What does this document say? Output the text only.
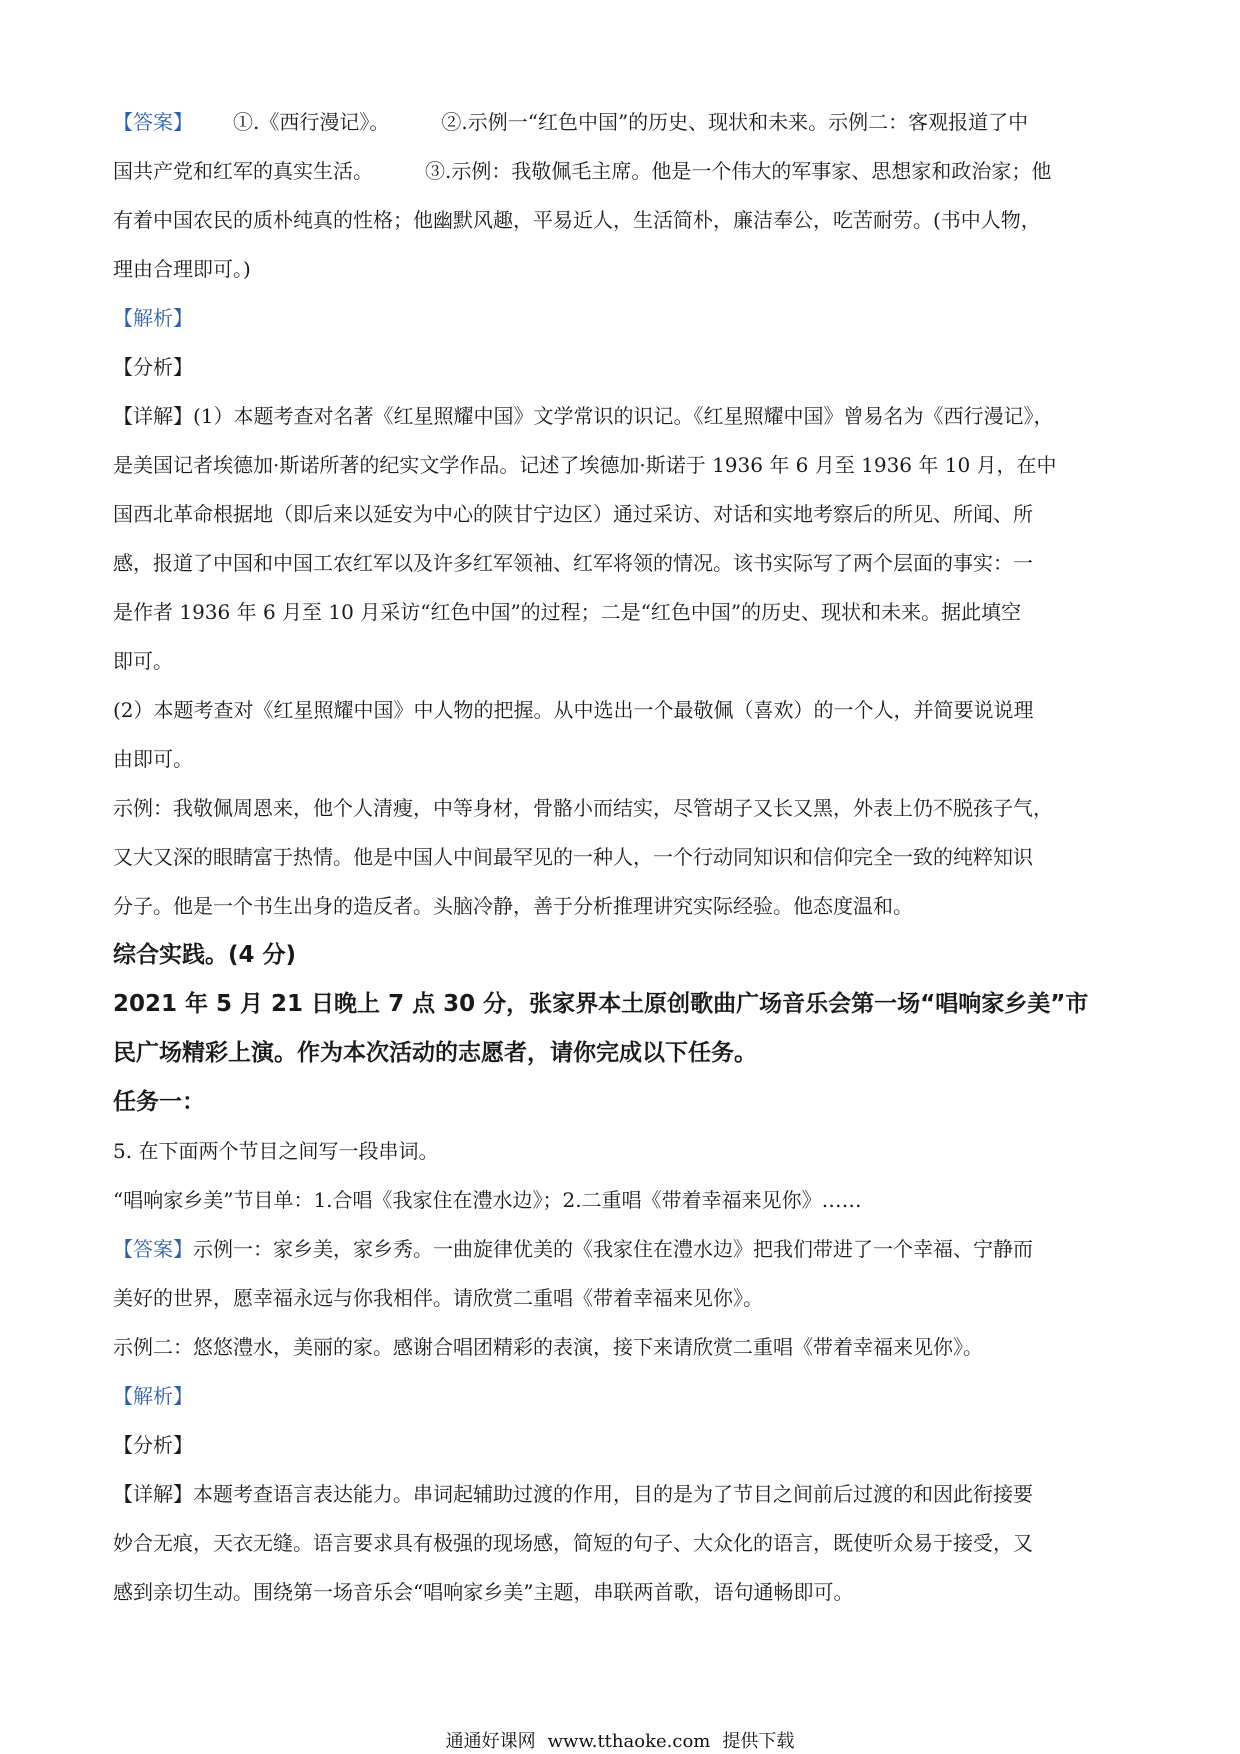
【答案】 ①.《西行漫记》。	②.示例一“红色中国”的历史、现状和未来。示例二：客观报道了中
国共产党和红军的真实生活。	③.示例：我敬佩毛主席。他是一个伟大的军事家、思想家和政治家；他
有着中国农民的质朴纯真的性格；他幽默风趣，平易近人，生活简朴，廉洁奉公，吃苦耐劳。(书中人物，
理由合理即可。)
【解析】
【分析】
【详解】(1）本题考查对名著《红星照耀中国》文学常识的识记。《红星照耀中国》曾易名为《西行漫记》，
是美国记者埃德加·斯诺所著的纪实文学作品。记述了埃德加·斯诺于 1936 年 6 月至 1936 年 10 月，在中
国西北革命根据地（即后来以延安为中心的陕甘宁边区）通过采访、对话和实地考察后的所见、所闻、所
感，报道了中国和中国工农红军以及许多红军领袖、红军将领的情况。该书实际写了两个层面的事实：一
是作者 1936 年 6 月至 10 月采访“红色中国”的过程；二是“红色中国”的历史、现状和未来。据此填空
即可。
(2）本题考查对《红星照耀中国》中人物的把握。从中选出一个最敬佩（喜欢）的一个人，并简要说说理
由即可。
示例：我敬佩周恩来，他个人清瘦，中等身材，骨骼小而结实，尽管胡子又长又黑，外表上仍不脱孩子气，
又大又深的眼睛富于热情。他是中国人中间最罕见的一种人，一个行动同知识和信仰完全一致的纯粹知识
分子。他是一个书生出身的造反者。头脑冷静，善于分析推理讲究实际经验。他态度温和。
综合实践。(4 分)
2021 年 5 月 21 日晚上 7 点 30 分，张家界本土原创歌曲广场音乐会第一场“唱响家乡美”市
民广场精彩上演。作为本次活动的志愿者，请你完成以下任务。
任务一：
5. 在下面两个节目之间写一段串词。
“唱响家乡美”节目单：1.合唱《我家住在澧水边》；2.二重唱《带着幸福来见你》……
【答案】示例一：家乡美，家乡秀。一曲旋律优美的《我家住在澧水边》把我们带进了一个幸福、宁静而
美好的世界，愿幸福永远与你我相伴。请欣赏二重唱《带着幸福来见你》。
示例二：悠悠澧水，美丽的家。感谢合唱团精彩的表演，接下来请欣赏二重唱《带着幸福来见你》。
【解析】
【分析】
【详解】本题考查语言表达能力。串词起辅助过渡的作用，目的是为了节目之间前后过渡的和因此衔接要
妙合无痕，天衣无缝。语言要求具有极强的现场感，简短的句子、大众化的语言，既使听众易于接受，又
感到亲切生动。围绕第一场音乐会“唱响家乡美”主题，串联两首歌，语句通畅即可。
通通好课网 www.tthaoke.com 提供下载
